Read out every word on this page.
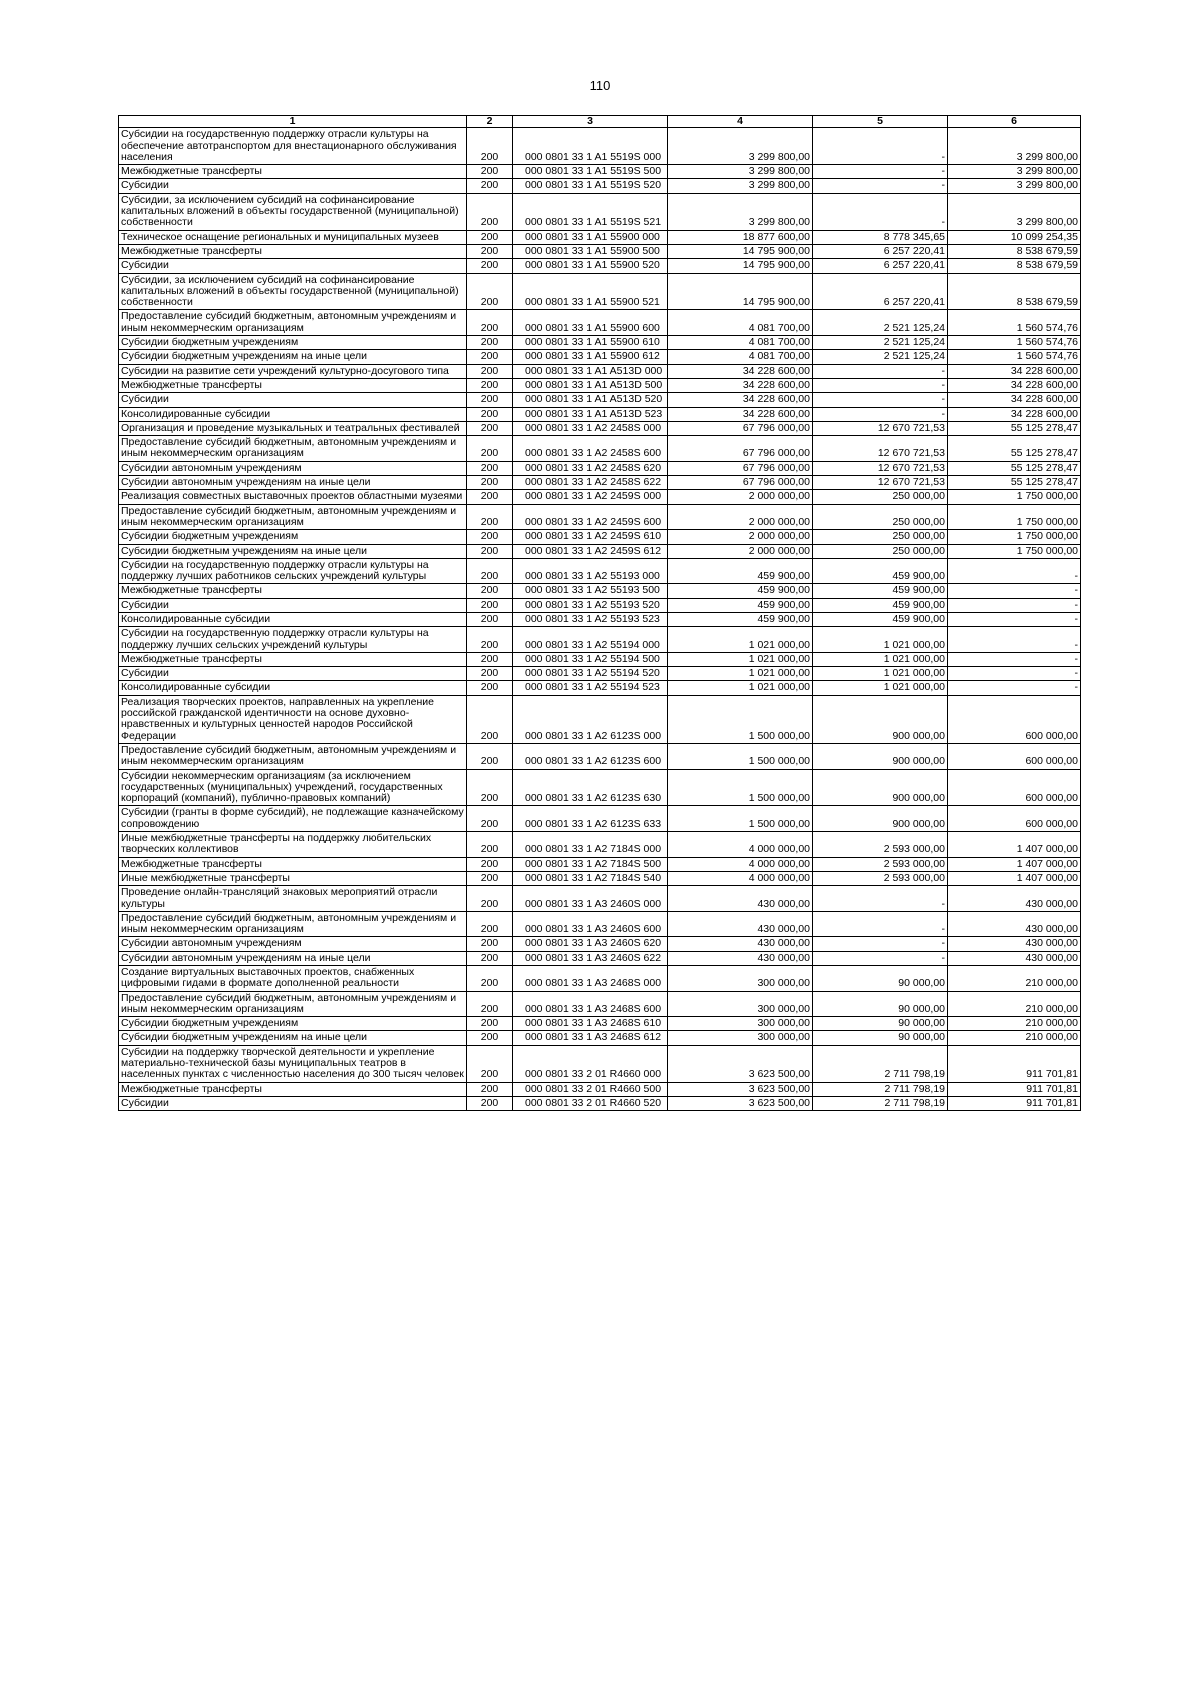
110
1	2	3	4	5	6
Субсидии на государственную поддержку отрасли культуры на обеспечение автотранспортом для внестационарного обслуживания населения	200	000 0801 33 1 A1 5519S 000	3 299 800,00	-	3 299 800,00
Межбюджетные трансферты	200	000 0801 33 1 A1 5519S 500	3 299 800,00	-	3 299 800,00
Субсидии	200	000 0801 33 1 A1 5519S 520	3 299 800,00	-	3 299 800,00
Субсидии, за исключением субсидий на софинансирование капитальных вложений в объекты государственной (муниципальной) собственности	200	000 0801 33 1 A1 5519S 521	3 299 800,00	-	3 299 800,00
Техническое оснащение региональных и муниципальных музеев	200	000 0801 33 1 A1 55900 000	18 877 600,00	8 778 345,65	10 099 254,35
Межбюджетные трансферты	200	000 0801 33 1 A1 55900 500	14 795 900,00	6 257 220,41	8 538 679,59
Субсидии	200	000 0801 33 1 A1 55900 520	14 795 900,00	6 257 220,41	8 538 679,59
Субсидии, за исключением субсидий на софинансирование капитальных вложений в объекты государственной (муниципальной) собственности	200	000 0801 33 1 A1 55900 521	14 795 900,00	6 257 220,41	8 538 679,59
Предоставление субсидий бюджетным, автономным учреждениям и иным некоммерческим организациям	200	000 0801 33 1 A1 55900 600	4 081 700,00	2 521 125,24	1 560 574,76
Субсидии бюджетным учреждениям	200	000 0801 33 1 A1 55900 610	4 081 700,00	2 521 125,24	1 560 574,76
Субсидии бюджетным учреждениям на иные цели	200	000 0801 33 1 A1 55900 612	4 081 700,00	2 521 125,24	1 560 574,76
Субсидии на развитие сети учреждений культурно-досугового типа	200	000 0801 33 1 A1 A513D 000	34 228 600,00	-	34 228 600,00
Межбюджетные трансферты	200	000 0801 33 1 A1 A513D 500	34 228 600,00	-	34 228 600,00
Субсидии	200	000 0801 33 1 A1 A513D 520	34 228 600,00	-	34 228 600,00
Консолидированные субсидии	200	000 0801 33 1 A1 A513D 523	34 228 600,00	-	34 228 600,00
Организация и проведение музыкальных и театральных фестивалей	200	000 0801 33 1 A2 2458S 000	67 796 000,00	12 670 721,53	55 125 278,47
Предоставление субсидий бюджетным, автономным учреждениям и иным некоммерческим организациям	200	000 0801 33 1 A2 2458S 600	67 796 000,00	12 670 721,53	55 125 278,47
Субсидии автономным учреждениям	200	000 0801 33 1 A2 2458S 620	67 796 000,00	12 670 721,53	55 125 278,47
Субсидии автономным учреждениям на иные цели	200	000 0801 33 1 A2 2458S 622	67 796 000,00	12 670 721,53	55 125 278,47
Реализация совместных выставочных проектов областными музеями	200	000 0801 33 1 A2 2459S 000	2 000 000,00	250 000,00	1 750 000,00
Предоставление субсидий бюджетным, автономным учреждениям и иным некоммерческим организациям	200	000 0801 33 1 A2 2459S 600	2 000 000,00	250 000,00	1 750 000,00
Субсидии бюджетным учреждениям	200	000 0801 33 1 A2 2459S 610	2 000 000,00	250 000,00	1 750 000,00
Субсидии бюджетным учреждениям на иные цели	200	000 0801 33 1 A2 2459S 612	2 000 000,00	250 000,00	1 750 000,00
Субсидии на государственную поддержку отрасли культуры на поддержку лучших работников сельских учреждений культуры	200	000 0801 33 1 A2 55193 000	459 900,00	459 900,00	-
Межбюджетные трансферты	200	000 0801 33 1 A2 55193 500	459 900,00	459 900,00	-
Субсидии	200	000 0801 33 1 A2 55193 520	459 900,00	459 900,00	-
Консолидированные субсидии	200	000 0801 33 1 A2 55193 523	459 900,00	459 900,00	-
Субсидии на государственную поддержку отрасли культуры на поддержку лучших сельских учреждений культуры	200	000 0801 33 1 A2 55194 000	1 021 000,00	1 021 000,00	-
Межбюджетные трансферты	200	000 0801 33 1 A2 55194 500	1 021 000,00	1 021 000,00	-
Субсидии	200	000 0801 33 1 A2 55194 520	1 021 000,00	1 021 000,00	-
Консолидированные субсидии	200	000 0801 33 1 A2 55194 523	1 021 000,00	1 021 000,00	-
Реализация творческих проектов, направленных на укрепление российской гражданской идентичности на основе духовно-нравственных и культурных ценностей народов Российской Федерации	200	000 0801 33 1 A2 6123S 000	1 500 000,00	900 000,00	600 000,00
Предоставление субсидий бюджетным, автономным учреждениям и иным некоммерческим организациям	200	000 0801 33 1 A2 6123S 600	1 500 000,00	900 000,00	600 000,00
Субсидии некоммерческим организациям (за исключением государственных (муниципальных) учреждений, государственных корпораций (компаний), публично-правовых компаний)	200	000 0801 33 1 A2 6123S 630	1 500 000,00	900 000,00	600 000,00
Субсидии (гранты в форме субсидий), не подлежащие казначейскому сопровождению	200	000 0801 33 1 A2 6123S 633	1 500 000,00	900 000,00	600 000,00
Иные межбюджетные трансферты на поддержку любительских творческих коллективов	200	000 0801 33 1 A2 7184S 000	4 000 000,00	2 593 000,00	1 407 000,00
Межбюджетные трансферты	200	000 0801 33 1 A2 7184S 500	4 000 000,00	2 593 000,00	1 407 000,00
Иные межбюджетные трансферты	200	000 0801 33 1 A2 7184S 540	4 000 000,00	2 593 000,00	1 407 000,00
Проведение онлайн-трансляций знаковых мероприятий отрасли культуры	200	000 0801 33 1 A3 2460S 000	430 000,00	-	430 000,00
Предоставление субсидий бюджетным, автономным учреждениям и иным некоммерческим организациям	200	000 0801 33 1 A3 2460S 600	430 000,00	-	430 000,00
Субсидии автономным учреждениям	200	000 0801 33 1 A3 2460S 620	430 000,00	-	430 000,00
Субсидии автономным учреждениям на иные цели	200	000 0801 33 1 A3 2460S 622	430 000,00	-	430 000,00
Создание виртуальных выставочных проектов, снабженных цифровыми гидами в формате дополненной реальности	200	000 0801 33 1 A3 2468S 000	300 000,00	90 000,00	210 000,00
Предоставление субсидий бюджетным, автономным учреждениям и иным некоммерческим организациям	200	000 0801 33 1 A3 2468S 600	300 000,00	90 000,00	210 000,00
Субсидии бюджетным учреждениям	200	000 0801 33 1 A3 2468S 610	300 000,00	90 000,00	210 000,00
Субсидии бюджетным учреждениям на иные цели	200	000 0801 33 1 A3 2468S 612	300 000,00	90 000,00	210 000,00
Субсидии на поддержку творческой деятельности и укрепление материально-технической базы муниципальных театров в населенных пунктах с численностью населения до 300 тысяч человек	200	000 0801 33 2 01 R4660 000	3 623 500,00	2 711 798,19	911 701,81
Межбюджетные трансферты	200	000 0801 33 2 01 R4660 500	3 623 500,00	2 711 798,19	911 701,81
Субсидии	200	000 0801 33 2 01 R4660 520	3 623 500,00	2 711 798,19	911 701,81
